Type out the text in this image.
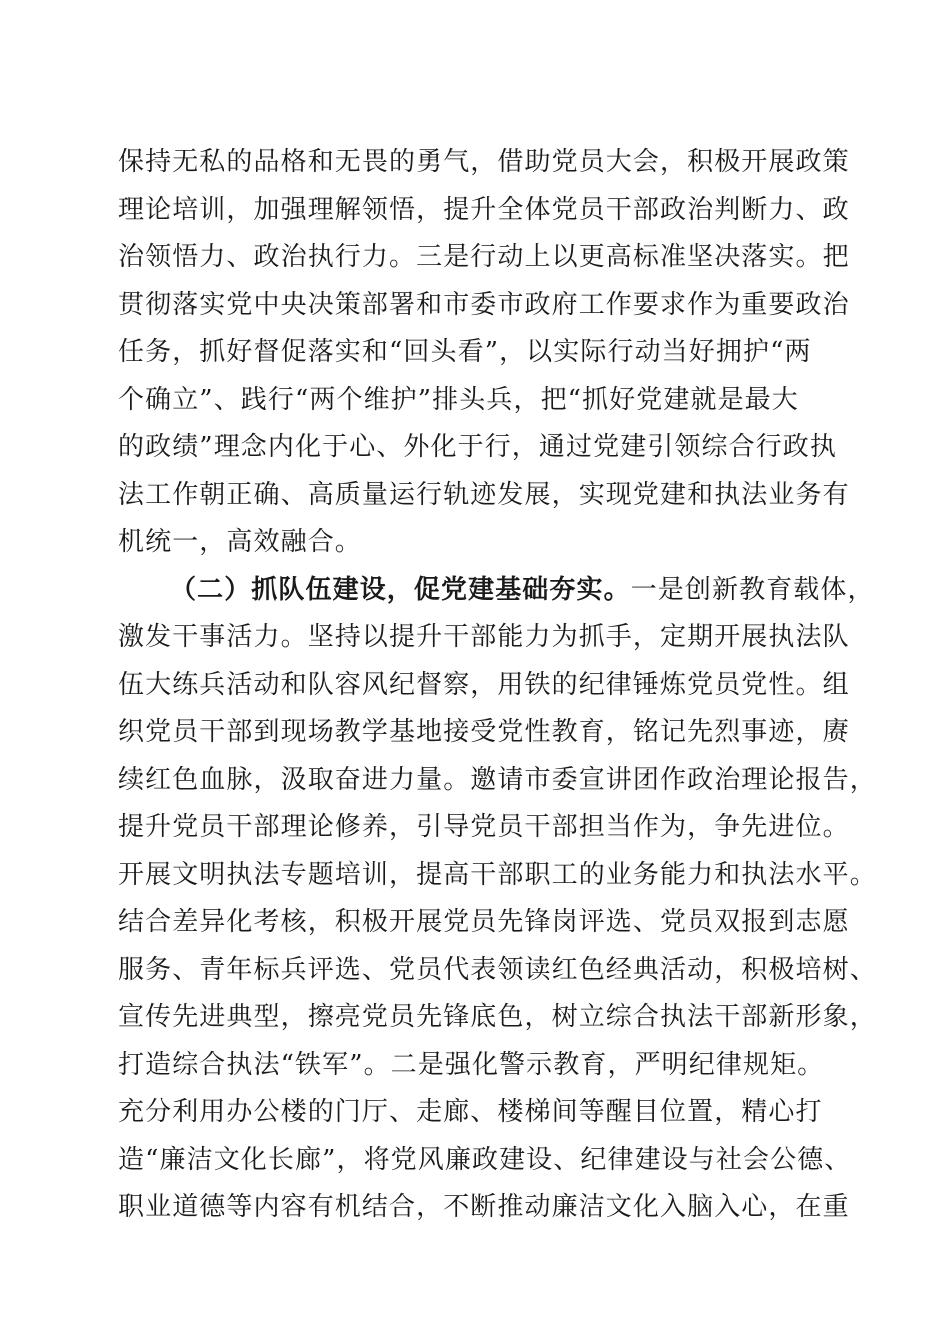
保持无私的品格和无畏的勇气，借助党员大会，积极开展政策
理论培训，加强理解领悟，提升全体党员干部政治判断力、政
治领悟力、政治执行力。三是行动上以更高标准坚决落实。把
贯彻落实党中央决策部署和市委市政府工作要求作为重要政治
任务，抓好督促落实和“回头看”，以实际行动当好拥护“两
个确立”、践行“两个维护”排头兵，把“抓好党建就是最大
的政绩”理念内化于心、外化于行，通过党建引领综合行政执
法工作朝正确、高质量运行轨迹发展，实现党建和执法业务有
机统一，高效融合。
（二）抓队伍建设，促党建基础夯实。一是创新教育载体，
激发干事活力。坚持以提升干部能力为抓手，定期开展执法队
伍大练兵活动和队容风纪督察，用铁的纪律锤炼党员党性。组
织党员干部到现场教学基地接受党性教育，铭记先烈事迹，赓
续红色血脉，汲取奋进力量。邀请市委宣讲团作政治理论报告，
提升党员干部理论修养，引导党员干部担当作为，争先进位。
开展文明执法专题培训，提高干部职工的业务能力和执法水平。
结合差异化考核，积极开展党员先锋岗评选、党员双报到志愿
服务、青年标兵评选、党员代表领读红色经典活动，积极培树、
宣传先进典型，擦亮党员先锋底色，树立综合执法干部新形象，
打造综合执法“铁军”。二是强化警示教育，严明纪律规矩。
充分利用办公楼的门厅、走廊、楼梯间等醒目位置，精心打
造“廉洁文化长廊”，将党风廉政建设、纪律建设与社会公德、
职业道德等内容有机结合，不断推动廉洁文化入脑入心，在重
